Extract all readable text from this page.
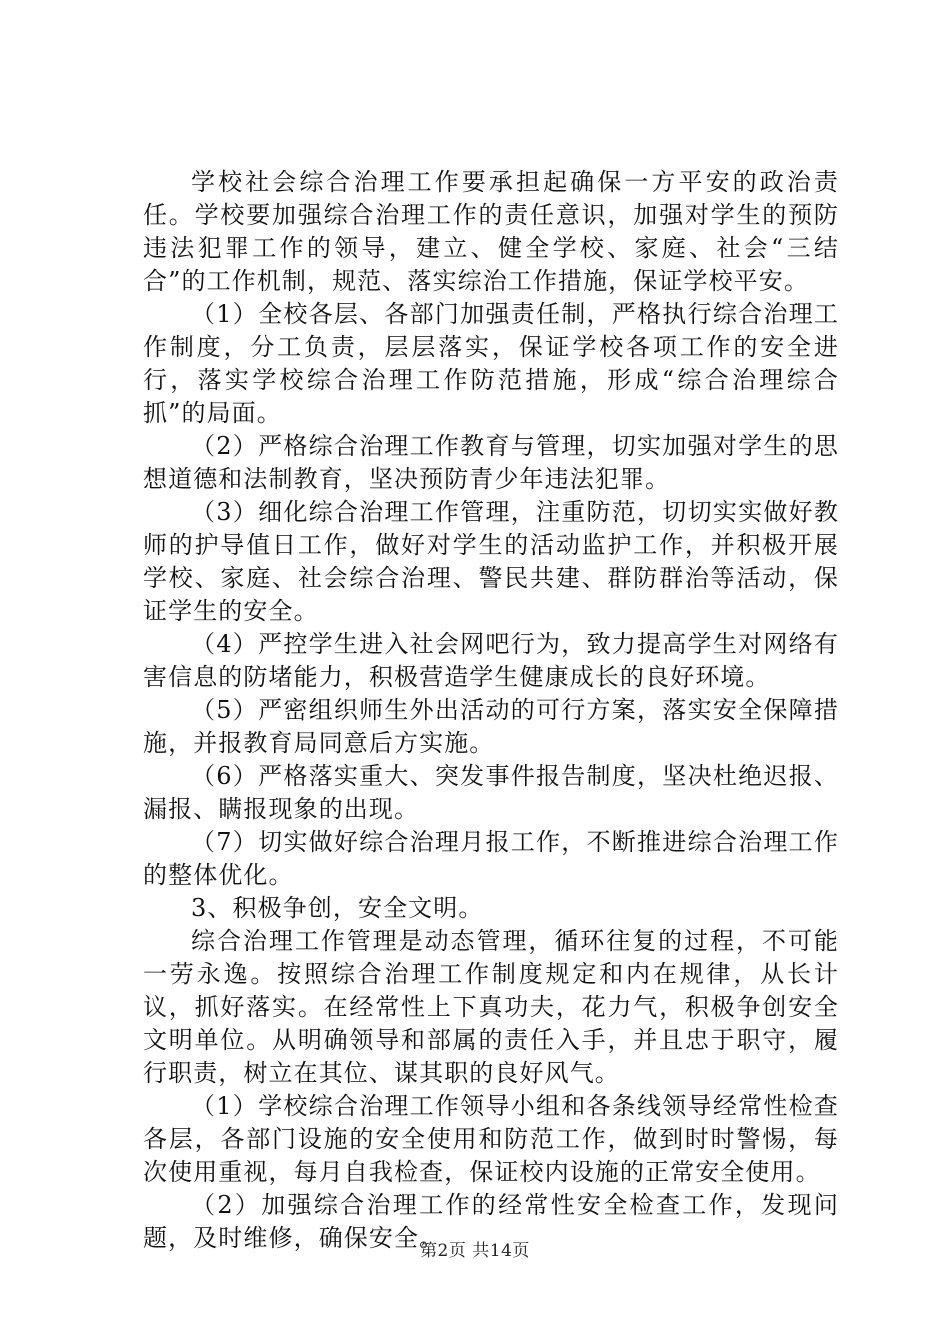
学校社会综合治理工作要承担起确保一方平安的政治责任。学校要加强综合治理工作的责任意识，加强对学生的预防违法犯罪工作的领导，建立、健全学校、家庭、社会“三结合”的工作机制，规范、落实综治工作措施，保证学校平安。

（1）全校各层、各部门加强责任制，严格执行综合治理工作制度，分工负责，层层落实，保证学校各项工作的安全进行，落实学校综合治理工作防范措施，形成“综合治理综合抓”的局面。

（2）严格综合治理工作教育与管理，切实加强对学生的思想道德和法制教育，坚决预防青少年违法犯罪。

（3）细化综合治理工作管理，注重防范，切切实实做好教师的护导值日工作，做好对学生的活动监护工作，并积极开展学校、家庭、社会综合治理、警民共建、群防群治等活动，保证学生的安全。

（4）严控学生进入社会网吧行为，致力提高学生对网络有害信息的防堵能力，积极营造学生健康成长的良好环境。

（5）严密组织师生外出活动的可行方案，落实安全保障措施，并报教育局同意后方实施。

（6）严格落实重大、突发事件报告制度，坚决杜绝迟报、漏报、瞒报现象的出现。

（7）切实做好综合治理月报工作，不断推进综合治理工作的整体优化。

3、积极争创，安全文明。

综合治理工作管理是动态管理，循环往复的过程，不可能一劳永逸。按照综合治理工作制度规定和内在规律，从长计议，抓好落实。在经常性上下真功夫，花力气，积极争创安全文明单位。从明确领导和部属的责任入手，并且忠于职守，履行职责，树立在其位、谋其职的良好风气。

（1）学校综合治理工作领导小组和各条线领导经常性检查各层，各部门设施的安全使用和防范工作，做到时时警惕，每次使用重视，每月自我检查，保证校内设施的正常安全使用。

（2）加强综合治理工作的经常性安全检查工作，发现问题，及时维修，确保安全。

第2页 共14页
